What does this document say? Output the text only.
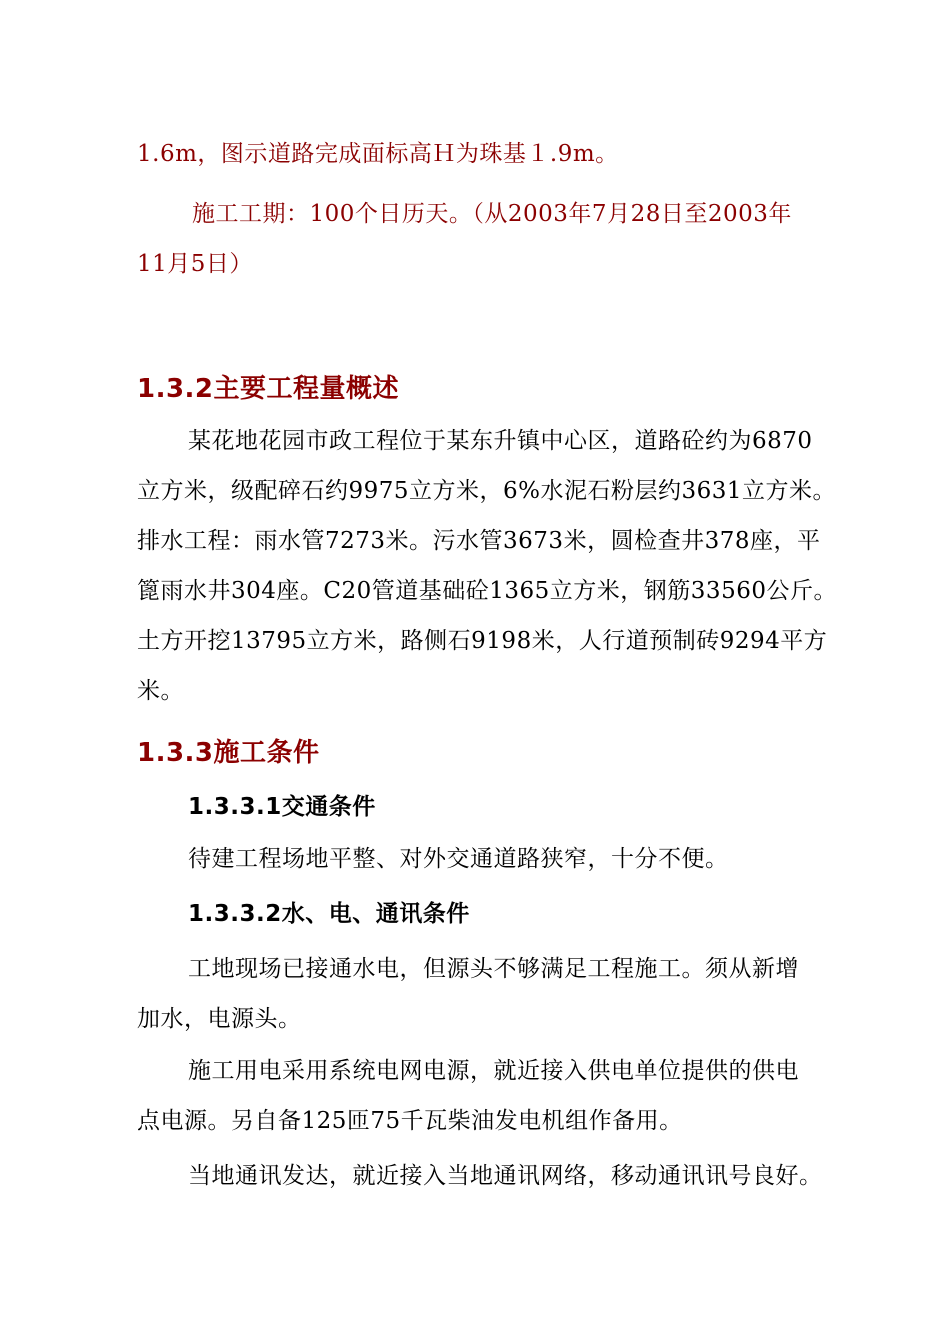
1.6m，图示道路完成面标高Ｈ为珠基１.9m。
施工工期：100个日历天。（从2003年7月28日至2003年
11月5日）
1.3.2主要工程量概述
某花地花园市政工程位于某东升镇中心区，道路砼约为6870
立方米，级配碎石约9975立方米，6%水泥石粉层约3631立方米。
排水工程：雨水管7273米。污水管3673米，圆检查井378座，平
篦雨水井304座。C20管道基础砼1365立方米，钢筋33560公斤。
土方开挖13795立方米，路侧石9198米，人行道预制砖9294平方
米。
1.3.3施工条件
1.3.3.1交通条件
待建工程场地平整、对外交通道路狭窄，十分不便。
1.3.3.2水、电、通讯条件
工地现场已接通水电，但源头不够满足工程施工。须从新增
加水，电源头。
施工用电采用系统电网电源，就近接入供电单位提供的供电
点电源。另自备125匝75千瓦柴油发电机组作备用。
当地通讯发达，就近接入当地通讯网络，移动通讯讯号良好。
